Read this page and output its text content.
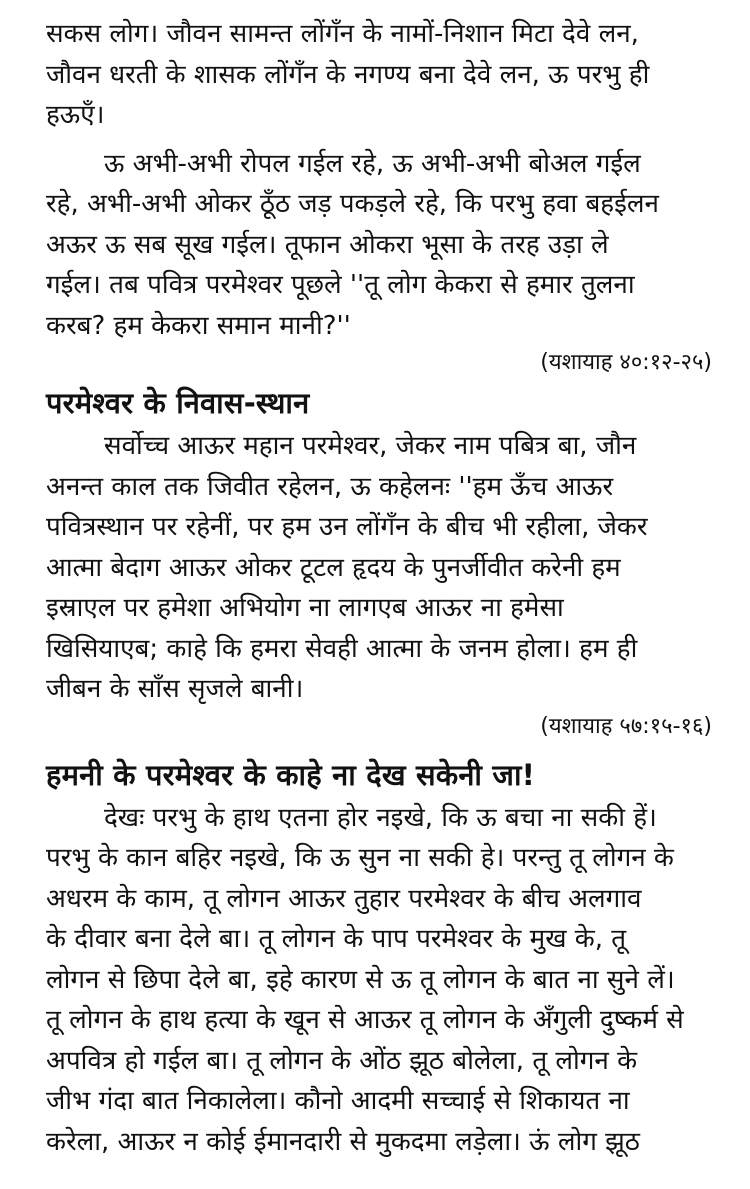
सकस लोग। जौवन सामन्त लोंगँन के नामों-निशान मिटा देवे लन,
जौवन धरती के शासक लोंगँन के नगण्य बना देवे लन, ऊ परभु ही
हऊएँ।
ऊ अभी-अभी रोपल गईल रहे, ऊ अभी-अभी बोअल गईल
रहे, अभी-अभी ओकर ठूँठ जड़ पकड़ले रहे, कि परभु हवा बहईलन
अऊर ऊ सब सूख गईल। तूफान ओकरा भूसा के तरह उड़ा ले
गईल। तब पवित्र परमेश्वर पूछले ''तू लोग केकरा से हमार तुलना
करब? हम केकरा समान मानी?''
(यशायाह ४०:१२-२५)
परमेश्वर के निवास-स्थान
सर्वोच्च आऊर महान परमेश्वर, जेकर नाम पबित्र बा, जौन
अनन्त काल तक जिवीत रहेलन, ऊ कहेलनः ''हम ऊँच आऊर
पवित्रस्थान पर रहेनीं, पर हम उन लोंगँन के बीच भी रहीला, जेकर
आत्मा बेदाग आऊर ओकर टूटल हृदय के पुनर्जीवीत करेनी हम
इस्राएल पर हमेशा अभियोग ना लागएब आऊर ना हमेसा
खिसियाएब; काहे कि हमरा सेवही आत्मा के जनम होला। हम ही
जीबन के साँस सृजले बानी।
(यशायाह ५७:१५-१६)
हमनी के परमेश्वर के काहे ना देख सकेनी जा!
देखः परभु के हाथ एतना होर नइखे, कि ऊ बचा ना सकी हें।
परभु के कान बहिर नइखे, कि ऊ सुन ना सकी हे। परन्तु तू लोगन के
अधरम के काम, तू लोगन आऊर तुहार परमेश्वर के बीच अलगाव
के दीवार बना देले बा। तू लोगन के पाप परमेश्वर के मुख के, तू
लोगन से छिपा देले बा, इहे कारण से ऊ तू लोगन के बात ना सुने लें।
तू लोगन के हाथ हत्या के खून से आऊर तू लोगन के अँगुली दुष्कर्म से
अपवित्र हो गईल बा। तू लोगन के ओंठ झूठ बोलेला, तू लोगन के
जीभ गंदा बात निकालेला। कौनो आदमी सच्चाई से शिकायत ना
करेला, आऊर न कोई ईमानदारी से मुकदमा लड़ेला। ऊं लोग झूठ
